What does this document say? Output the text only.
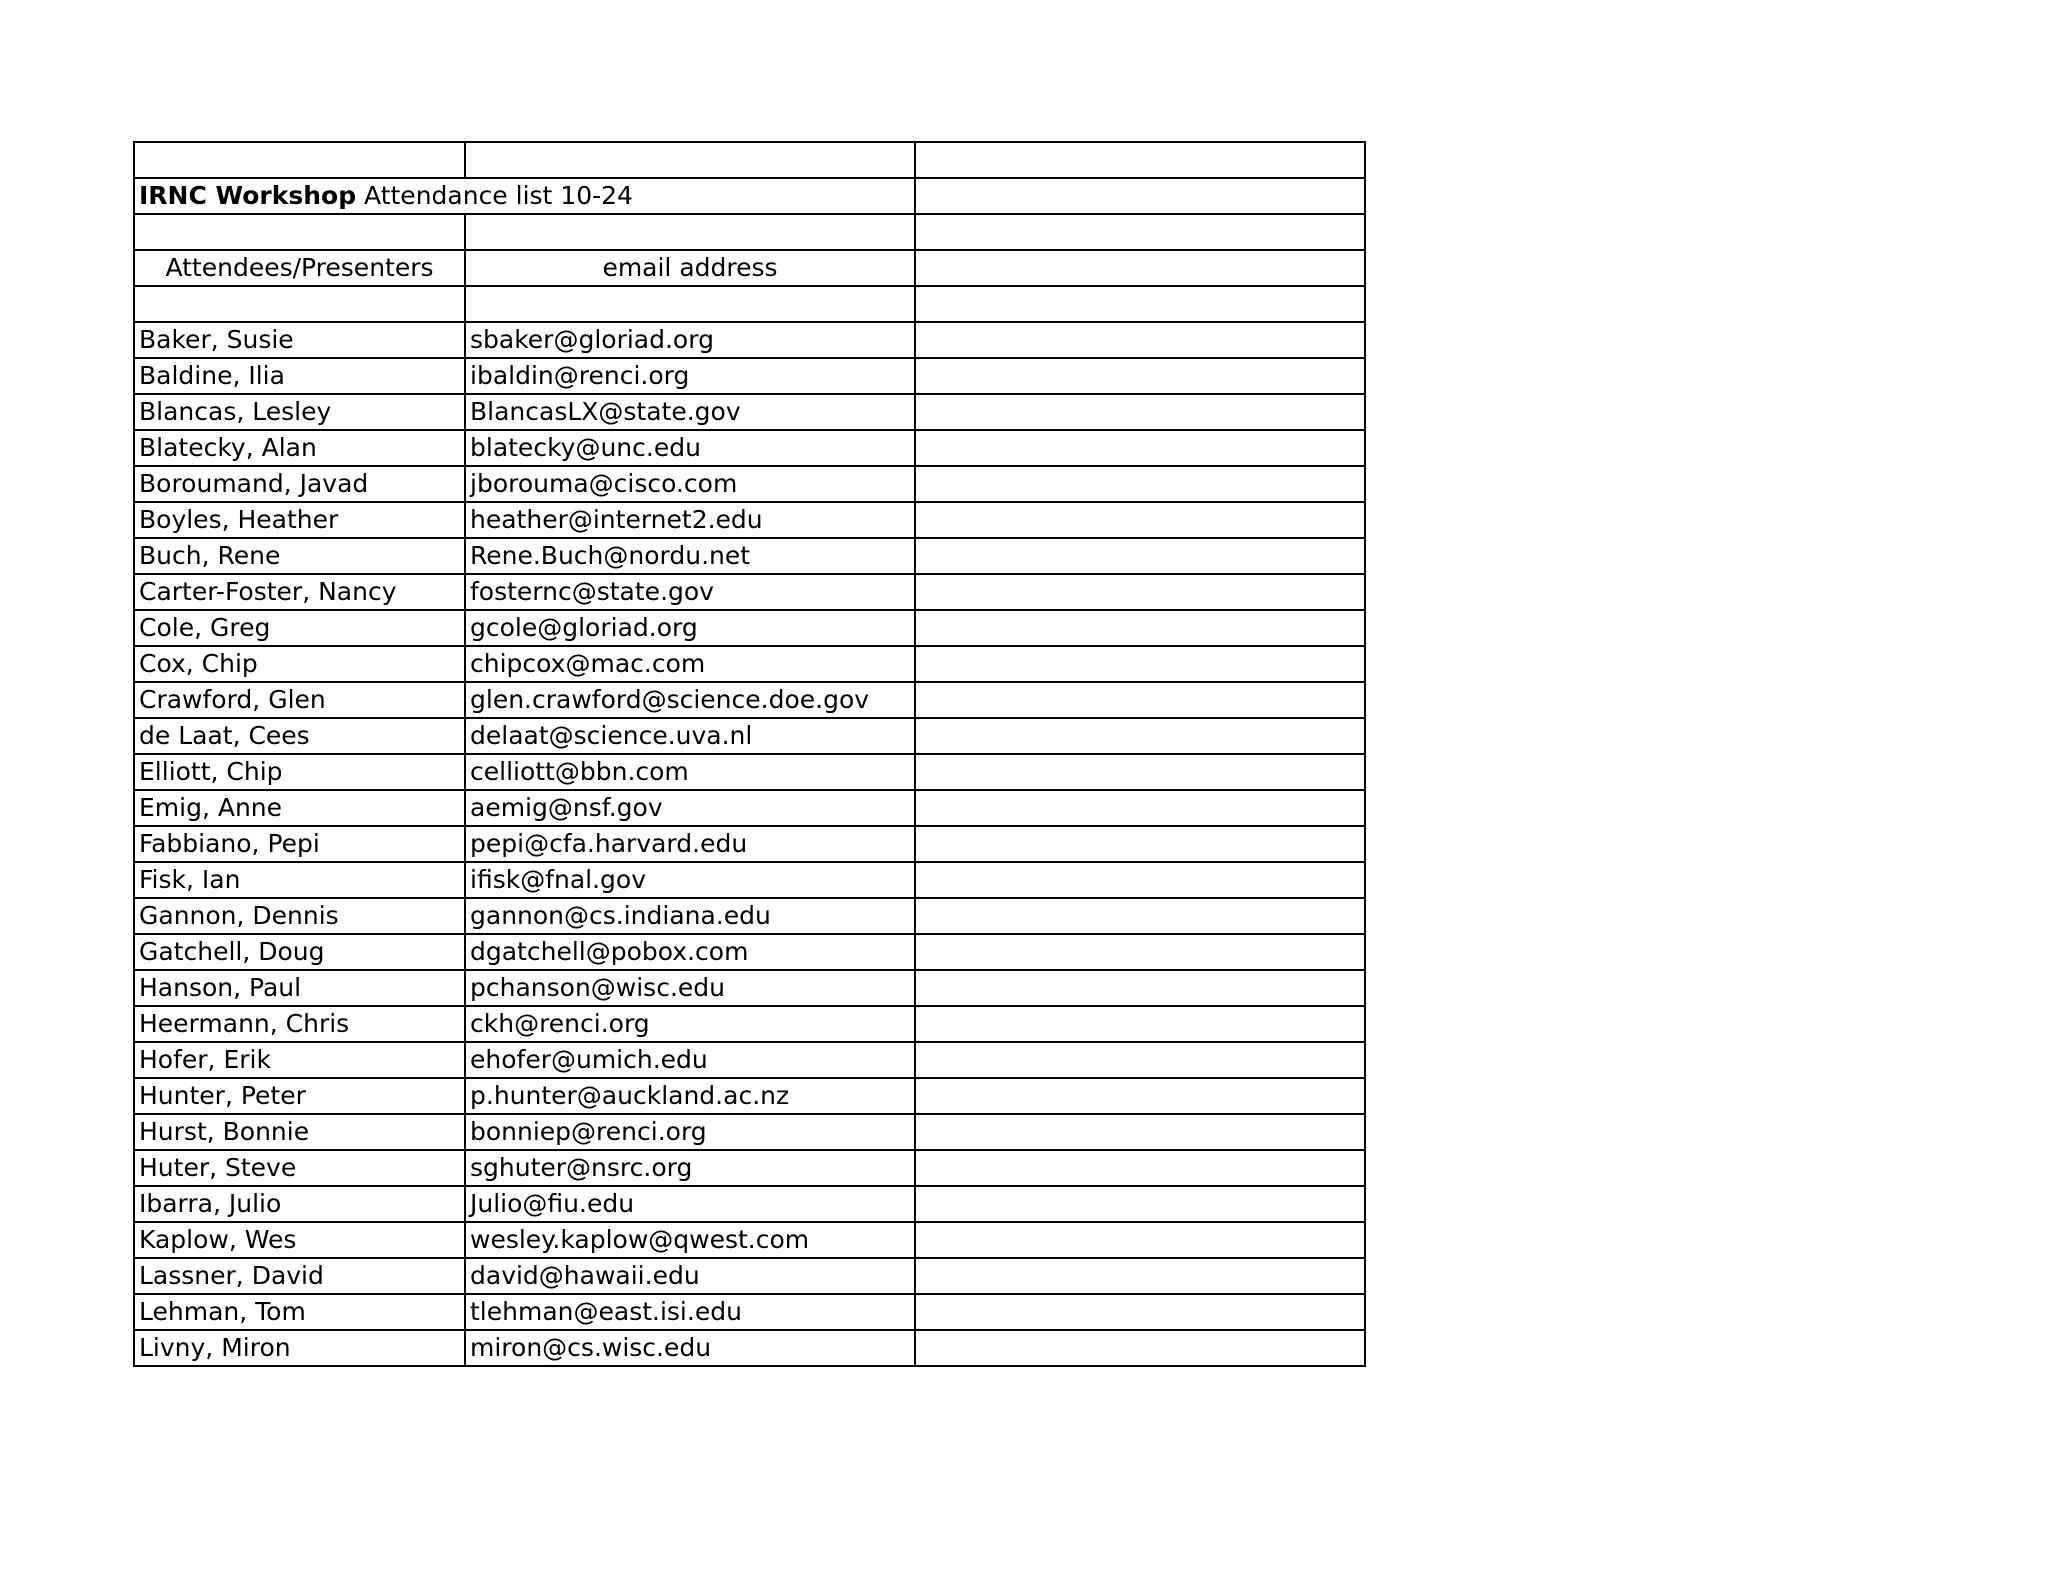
IRNC Workshop Attendance list 10-24		

Attendees/Presenters	email address	

Baker, Susie	sbaker@gloriad.org	
Baldine, Ilia	ibaldin@renci.org	
Blancas, Lesley	BlancasLX@state.gov	
Blatecky, Alan	blatecky@unc.edu	
Boroumand, Javad	jborouma@cisco.com	
Boyles, Heather	heather@internet2.edu	
Buch, Rene	Rene.Buch@nordu.net	
Carter-Foster, Nancy	fosternc@state.gov	
Cole, Greg	gcole@gloriad.org	
Cox, Chip	chipcox@mac.com	
Crawford, Glen	glen.crawford@science.doe.gov	
de Laat, Cees	delaat@science.uva.nl	
Elliott, Chip	celliott@bbn.com	
Emig, Anne	aemig@nsf.gov	
Fabbiano, Pepi	pepi@cfa.harvard.edu	
Fisk, Ian	ifisk@fnal.gov	
Gannon, Dennis	gannon@cs.indiana.edu	
Gatchell, Doug	dgatchell@pobox.com	
Hanson, Paul	pchanson@wisc.edu	
Heermann, Chris	ckh@renci.org	
Hofer, Erik	ehofer@umich.edu	
Hunter, Peter	p.hunter@auckland.ac.nz	
Hurst, Bonnie	bonniep@renci.org	
Huter, Steve	sghuter@nsrc.org	
Ibarra, Julio	Julio@fiu.edu	
Kaplow, Wes	wesley.kaplow@qwest.com	
Lassner, David	david@hawaii.edu	
Lehman, Tom	tlehman@east.isi.edu	
Livny, Miron	miron@cs.wisc.edu	
